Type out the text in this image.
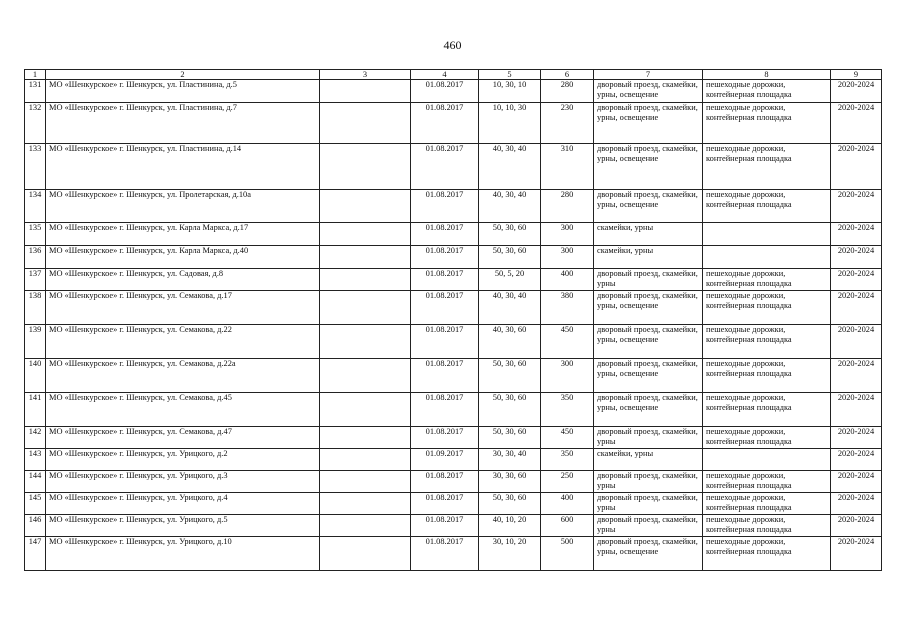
460
1	2	3	4	5	6	7	8	9
131	МО «Шенкурское» г. Шенкурск, ул. Пластинина, д.5		01.08.2017	10, 30, 10	280	дворовый проезд, скамейки, урны, освещение	пешеходные дорожки, контейнерная площадка	2020-2024
132	МО «Шенкурское» г. Шенкурск, ул. Пластинина, д.7		01.08.2017	10, 10, 30	230	дворовый проезд, скамейки, урны, освещение	пешеходные дорожки, контейнерная площадка	2020-2024
133	МО «Шенкурское» г. Шенкурск, ул. Пластинина, д.14		01.08.2017	40, 30, 40	310	дворовый проезд, скамейки, урны, освещение	пешеходные дорожки, контейнерная площадка	2020-2024
134	МО «Шенкурское» г. Шенкурск, ул. Пролетарская, д.10а		01.08.2017	40, 30, 40	280	дворовый проезд, скамейки, урны, освещение	пешеходные дорожки, контейнерная площадка	2020-2024
135	МО «Шенкурское» г. Шенкурск, ул. Карла Маркса, д.17		01.08.2017	50, 30, 60	300	скамейки, урны		2020-2024
136	МО «Шенкурское» г. Шенкурск, ул. Карла Маркса, д.40		01.08.2017	50, 30, 60	300	скамейки, урны		2020-2024
137	МО «Шенкурское» г. Шенкурск, ул. Садовая, д.8		01.08.2017	50, 5, 20	400	дворовый проезд, скамейки, урны	пешеходные дорожки, контейнерная площадка	2020-2024
138	МО «Шенкурское» г. Шенкурск, ул. Семакова, д.17		01.08.2017	40, 30, 40	380	дворовый проезд, скамейки, урны, освещение	пешеходные дорожки, контейнерная площадка	2020-2024
139	МО «Шенкурское» г. Шенкурск, ул. Семакова, д.22		01.08.2017	40, 30, 60	450	дворовый проезд, скамейки, урны, освещение	пешеходные дорожки, контейнерная площадка	2020-2024
140	МО «Шенкурское» г. Шенкурск, ул. Семакова, д.22а		01.08.2017	50, 30, 60	300	дворовый проезд, скамейки, урны, освещение	пешеходные дорожки, контейнерная площадка	2020-2024
141	МО «Шенкурское» г. Шенкурск, ул. Семакова, д.45		01.08.2017	50, 30, 60	350	дворовый проезд, скамейки, урны, освещение	пешеходные дорожки, контейнерная площадка	2020-2024
142	МО «Шенкурское» г. Шенкурск, ул. Семакова, д.47		01.08.2017	50, 30, 60	450	дворовый проезд, скамейки, урны	пешеходные дорожки, контейнерная площадка	2020-2024
143	МО «Шенкурское» г. Шенкурск, ул. Урицкого, д.2		01.09.2017	30, 30, 40	350	скамейки, урны		2020-2024
144	МО «Шенкурское» г. Шенкурск, ул. Урицкого, д.3		01.08.2017	30, 30, 60	250	дворовый проезд, скамейки, урны	пешеходные дорожки, контейнерная площадка	2020-2024
145	МО «Шенкурское» г. Шенкурск, ул. Урицкого, д.4		01.08.2017	50, 30, 60	400	дворовый проезд, скамейки, урны	пешеходные дорожки, контейнерная площадка	2020-2024
146	МО «Шенкурское» г. Шенкурск, ул. Урицкого, д.5		01.08.2017	40, 10, 20	600	дворовый проезд, скамейки, урны	пешеходные дорожки, контейнерная площадка	2020-2024
147	МО «Шенкурское» г. Шенкурск, ул. Урицкого, д.10		01.08.2017	30, 10, 20	500	дворовый проезд, скамейки, урны, освещение	пешеходные дорожки, контейнерная площадка	2020-2024
